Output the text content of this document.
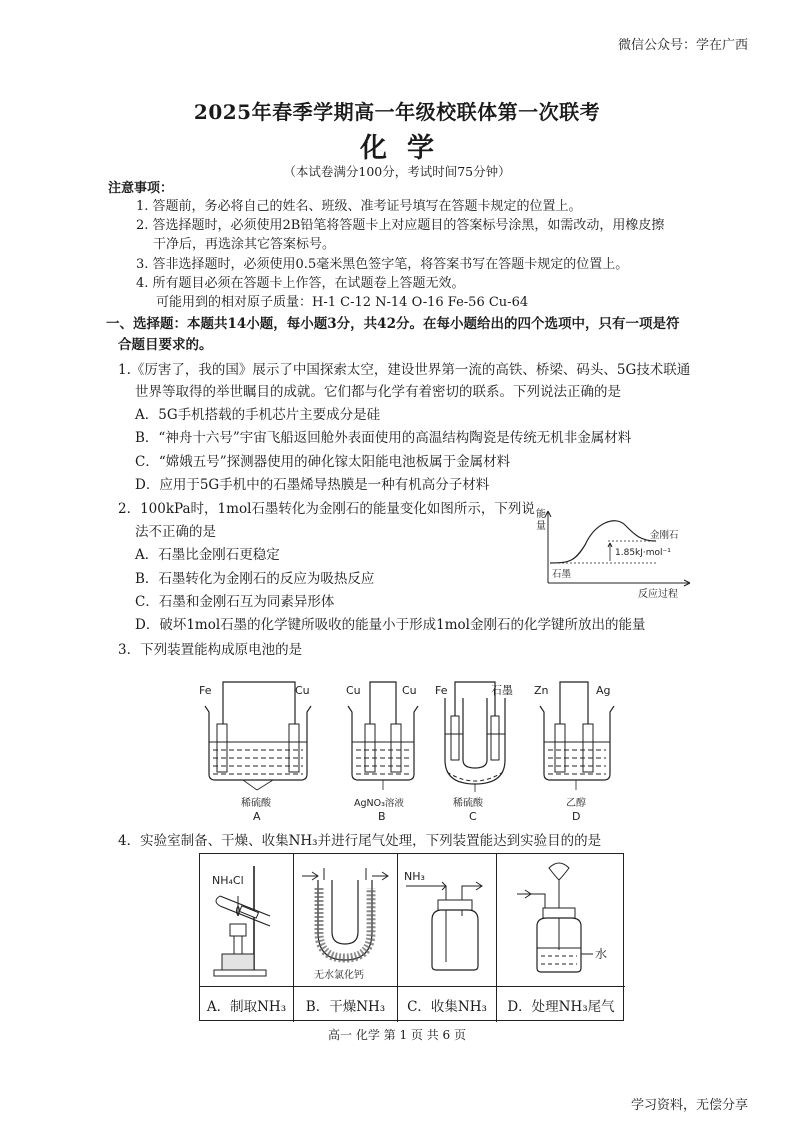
微信公众号：学在广西
2025年春季学期高一年级校联体第一次联考
化学
（本试卷满分100分，考试时间75分钟）
注意事项：
1. 答题前，务必将自己的姓名、班级、准考证号填写在答题卡规定的位置上。
2. 答选择题时，必须使用2B铅笔将答题卡上对应题目的答案标号涂黑，如需改动，用橡皮擦
干净后，再选涂其它答案标号。
3. 答非选择题时，必须使用0.5毫米黑色签字笔，将答案书写在答题卡规定的位置上。
4. 所有题目必须在答题卡上作答，在试题卷上答题无效。
可能用到的相对原子质量：H-1 C-12 N-14 O-16 Fe-56 Cu-64
一、选择题：本题共14小题，每小题3分，共42分。在每小题给出的四个选项中，只有一项是符
合题目要求的。
1.《厉害了，我的国》展示了中国探索太空，建设世界第一流的高铁、桥梁、码头、5G技术联通
世界等取得的举世瞩目的成就。它们都与化学有着密切的联系。下列说法正确的是
A．5G手机搭载的手机芯片主要成分是硅
B．“神舟十六号”宇宙飞船返回舱外表面使用的高温结构陶瓷是传统无机非金属材料
C．“嫦娥五号”探测器使用的砷化镓太阳能电池板属于金属材料
D．应用于5G手机中的石墨烯导热膜是一种有机高分子材料
2．100kPa时，1mol石墨转化为金刚石的能量变化如图所示，下列说
法不正确的是
A．石墨比金刚石更稳定
B．石墨转化为金刚石的反应为吸热反应
C．石墨和金刚石互为同素异形体
D．破坏1mol石墨的化学键所吸收的能量小于形成1mol金刚石的化学键所放出的能量
能
量
金刚石
1.85kJ·mol⁻¹
石墨
反应过程
3．下列装置能构成原电池的是
Fe	Cu
稀硫酸
A
Cu	Cu
AgNO₃溶液
B
Fe	石墨
稀硫酸
C
Zn	Ag
乙醇
D
4．实验室制备、干燥、收集NH₃并进行尾气处理，下列装置能达到实验目的的是
NH₄Cl
无水氯化钙
NH₃
水
A．制取NH₃	B．干燥NH₃	C．收集NH₃	D．处理NH₃尾气
高一 化学 第 1 页 共 6 页
学习资料，无偿分享
